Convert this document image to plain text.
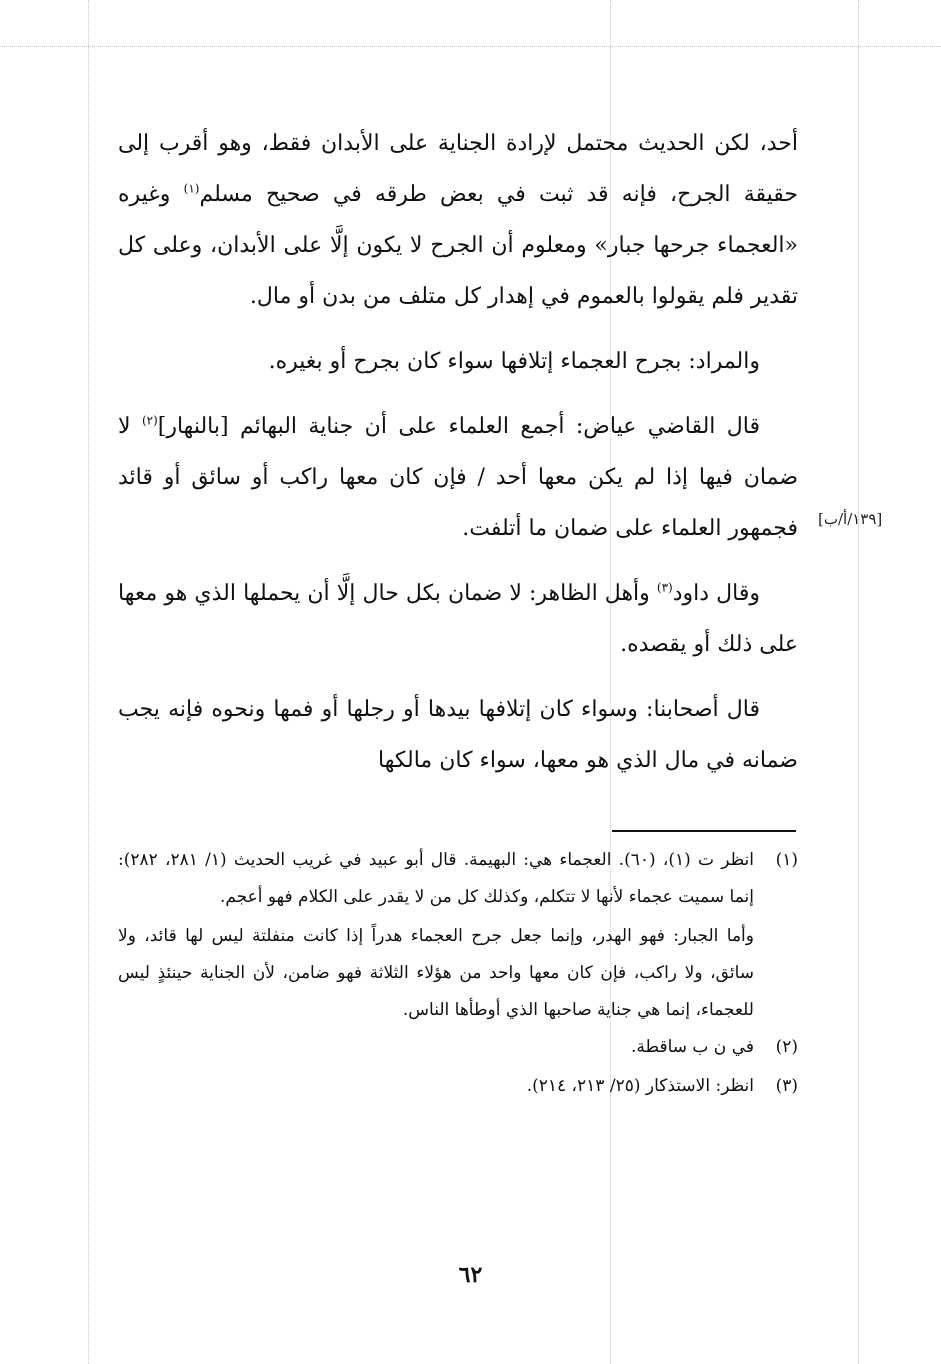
أحد، لكن الحديث محتمل لإرادة الجناية على الأبدان فقط، وهو أقرب إلى حقيقة الجرح، فإنه قد ثبت في بعض طرقه في صحيح مسلم$^{(١)}$ وغيره «العجماء جرحها جبار» ومعلوم أن الجرح لا يكون إلَّا على الأبدان، وعلى كل تقدير فلم يقولوا بالعموم في إهدار كل متلف من بدن أو مال.

والمراد: بجرح العجماء إتلافها سواء كان بجرح أو بغيره.

قال القاضي عياض: أجمع العلماء على أن جناية البهائم [بالنهار]$^{(٢)}$ لا ضمان فيها إذا لم يكن معها أحد / فإن كان معها راكب أو سائق أو قائد فجمهور العلماء على ضمان ما أتلفت.

وقال داود$^{(٣)}$ وأهل الظاهر: لا ضمان بكل حال إلَّا أن يحملها الذي هو معها على ذلك أو يقصده.

قال أصحابنا: وسواء كان إتلافها بيدها أو رجلها أو فمها ونحوه فإنه يجب ضمانه في مال الذي هو معها، سواء كان مالكها

[١٣٩/أ/ب]
(١)
انظر ت (١)، (٦٠). العجماء هي: البهيمة. قال أبو عبيد في غريب الحديث (١/ ٢٨١، ٢٨٢): إنما سميت عجماء لأنها لا تتكلم، وكذلك كل من لا يقدر على الكلام فهو أعجم.
وأما الجبار: فهو الهدر، وإنما جعل جرح العجماء هدراً إذا كانت منفلتة ليس لها قائد، ولا سائق، ولا راكب، فإن كان معها واحد من هؤلاء الثلاثة فهو ضامن، لأن الجناية حينئذٍ ليس للعجماء، إنما هي جناية صاحبها الذي أوطأها الناس.
(٢)
في ن ب ساقطة.
(٣)
انظر: الاستذكار (٢٥/ ٢١٣، ٢١٤).
٦٢
